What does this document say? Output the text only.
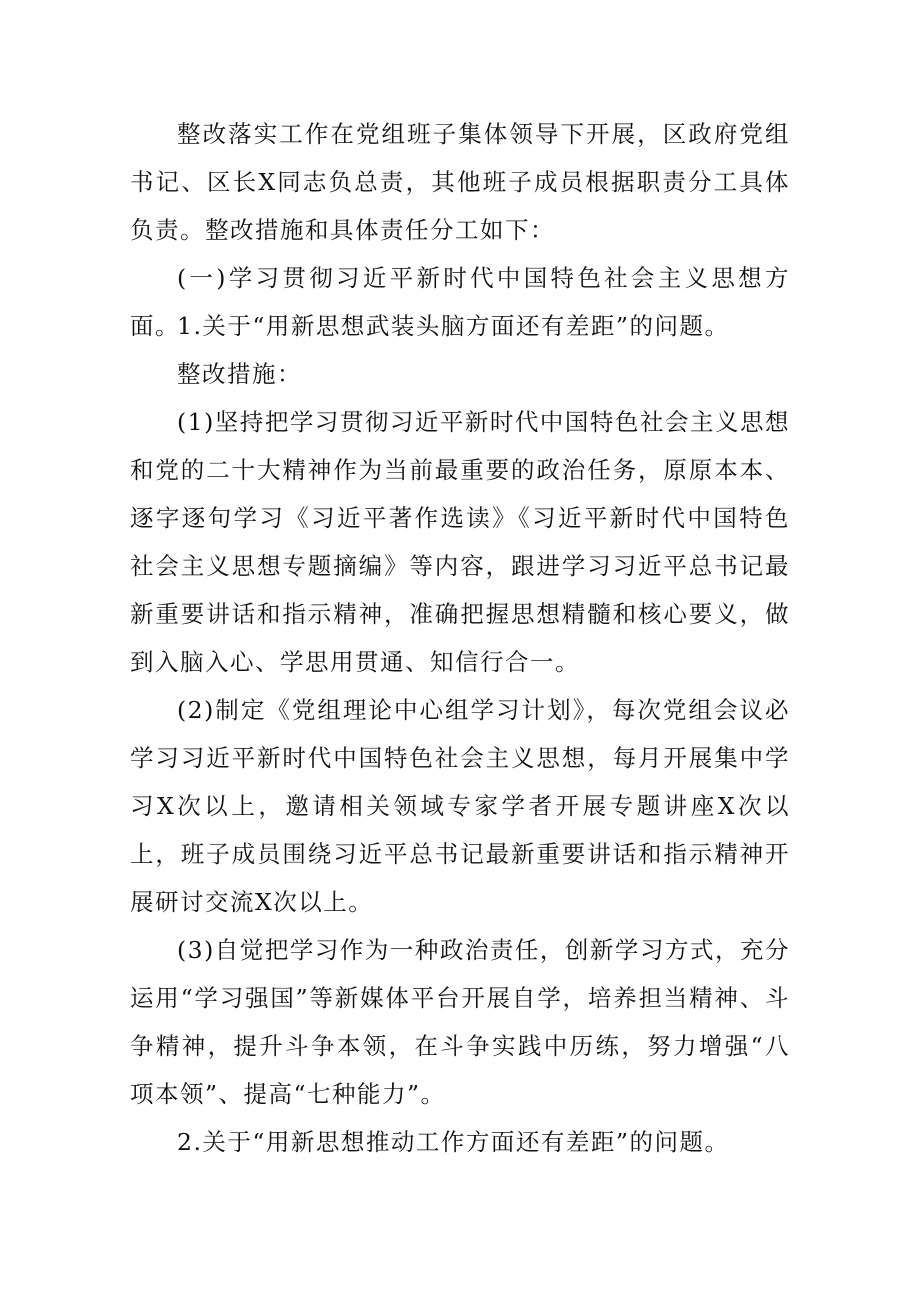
整改落实工作在党组班子集体领导下开展，区政府党组书记、区长X同志负总责，其他班子成员根据职责分工具体负责。整改措施和具体责任分工如下：

(一)学习贯彻习近平新时代中国特色社会主义思想方面。

1.关于“用新思想武装头脑方面还有差距”的问题。

整改措施：

(1)坚持把学习贯彻习近平新时代中国特色社会主义思想和党的二十大精神作为当前最重要的政治任务，原原本本、逐字逐句学习《习近平著作选读》《习近平新时代中国特色社会主义思想专题摘编》等内容，跟进学习习近平总书记最新重要讲话和指示精神，准确把握思想精髓和核心要义，做到入脑入心、学思用贯通、知信行合一。

(2)制定《党组理论中心组学习计划》，每次党组会议必学习习近平新时代中国特色社会主义思想，每月开展集中学习X次以上，邀请相关领域专家学者开展专题讲座X次以上，班子成员围绕习近平总书记最新重要讲话和指示精神开展研讨交流X次以上。

(3)自觉把学习作为一种政治责任，创新学习方式，充分运用“学习强国”等新媒体平台开展自学，培养担当精神、斗争精神，提升斗争本领，在斗争实践中历练，努力增强“八项本领”、提高“七种能力”。

2.关于“用新思想推动工作方面还有差距”的问题。
